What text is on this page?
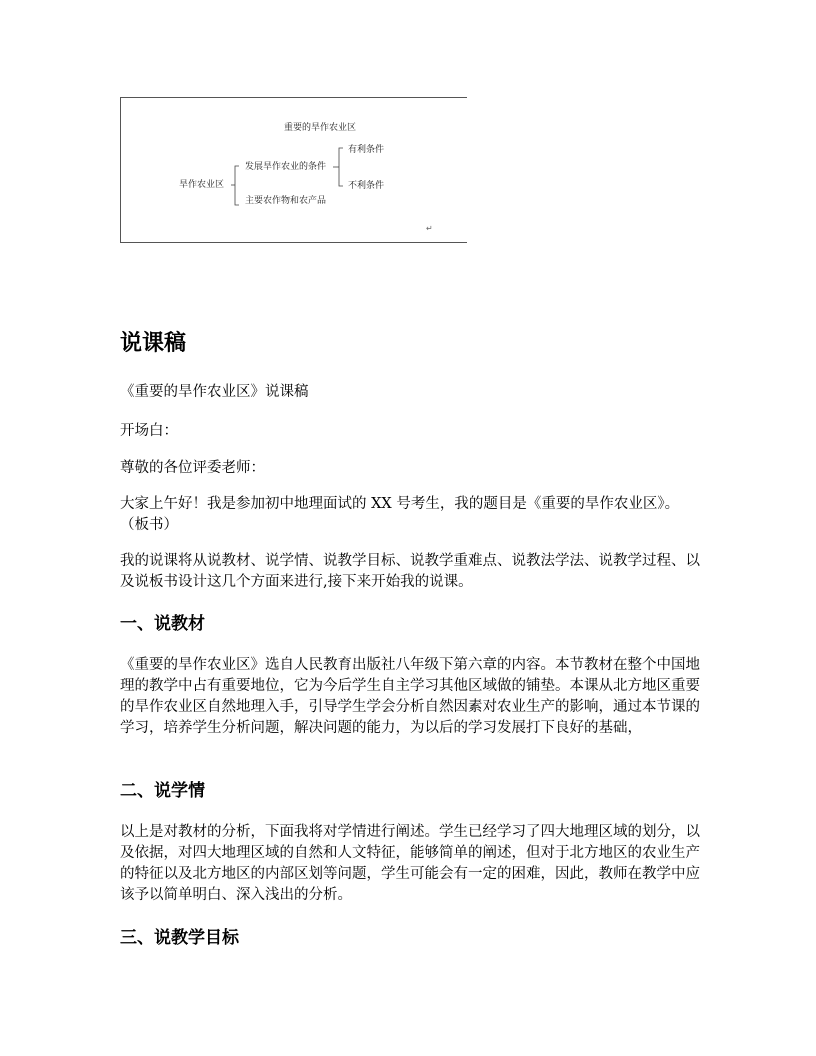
重要的旱作农业区
旱作农业区
发展旱作农业的条件
有利条件
不利条件
主要农作物和农产品
↵
说课稿

《重要的旱作农业区》说课稿

开场白：

尊敬的各位评委老师：

大家上午好！我是参加初中地理面试的 XX 号考生，我的题目是《重要的旱作农业区》。（板书）

我的说课将从说教材、说学情、说教学目标、说教学重难点、说教法学法、说教学过程、以及说板书设计这几个方面来进行,接下来开始我的说课。

一、说教材

《重要的旱作农业区》选自人民教育出版社八年级下第六章的内容。本节教材在整个中国地理的教学中占有重要地位，它为今后学生自主学习其他区域做的铺垫。本课从北方地区重要的旱作农业区自然地理入手，引导学生学会分析自然因素对农业生产的影响，通过本节课的学习，培养学生分析问题，解决问题的能力，为以后的学习发展打下良好的基础，

二、说学情

以上是对教材的分析，下面我将对学情进行阐述。学生已经学习了四大地理区域的划分，以及依据，对四大地理区域的自然和人文特征，能够简单的阐述，但对于北方地区的农业生产的特征以及北方地区的内部区划等问题，学生可能会有一定的困难，因此，教师在教学中应该予以简单明白、深入浅出的分析。

三、说教学目标
